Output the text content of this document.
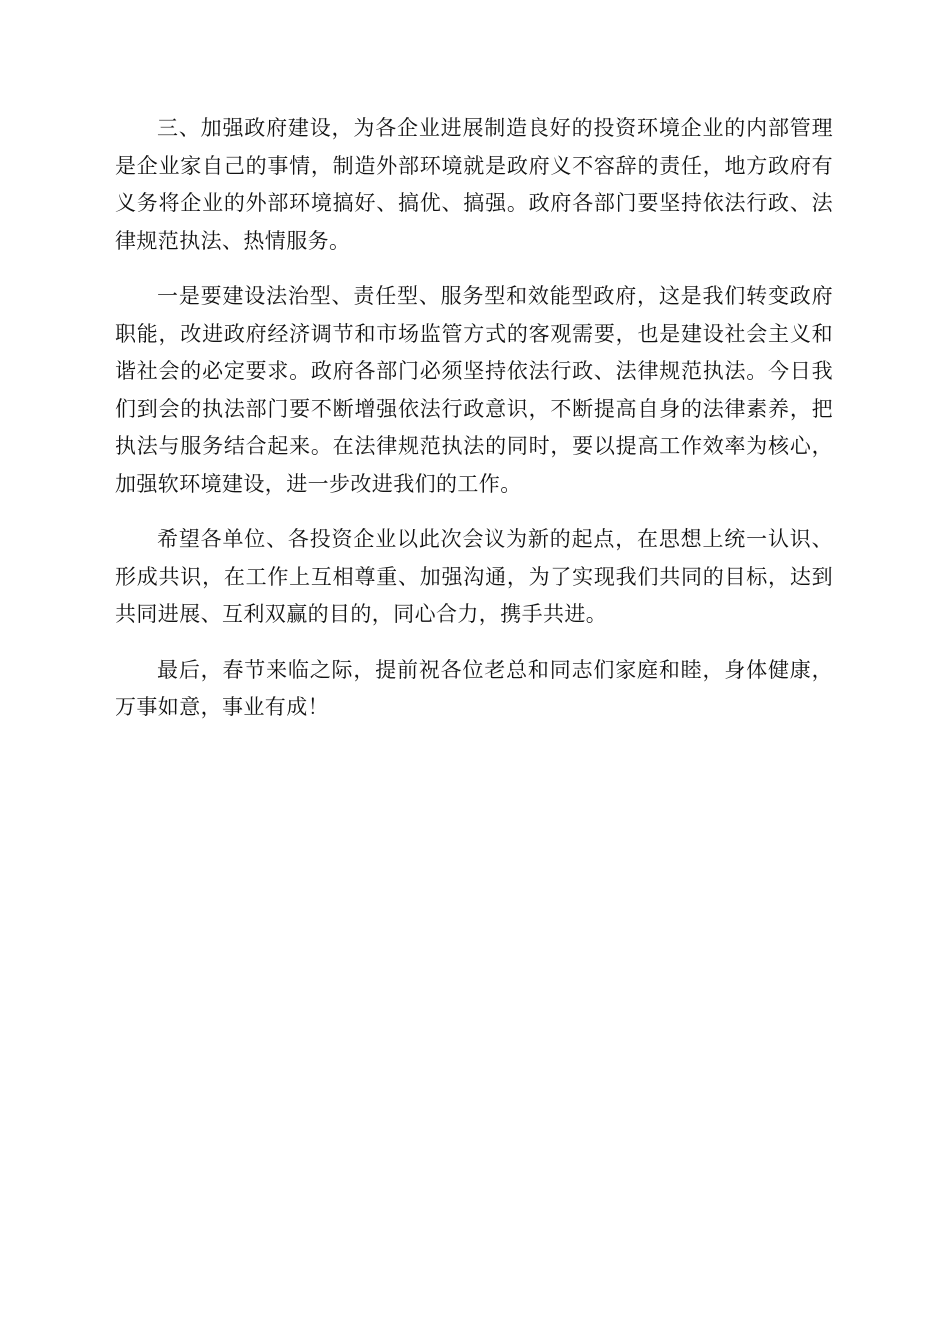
三、加强政府建设，为各企业进展制造良好的投资环境企业的内部管理是企业家自己的事情，制造外部环境就是政府义不容辞的责任，地方政府有义务将企业的外部环境搞好、搞优、搞强。政府各部门要坚持依法行政、法律规范执法、热情服务。

一是要建设法治型、责任型、服务型和效能型政府，这是我们转变政府职能，改进政府经济调节和市场监管方式的客观需要，也是建设社会主义和谐社会的必定要求。政府各部门必须坚持依法行政、法律规范执法。今日我们到会的执法部门要不断增强依法行政意识，不断提高自身的法律素养，把执法与服务结合起来。在法律规范执法的同时，要以提高工作效率为核心，加强软环境建设，进一步改进我们的工作。

希望各单位、各投资企业以此次会议为新的起点，在思想上统一认识、形成共识，在工作上互相尊重、加强沟通，为了实现我们共同的目标，达到共同进展、互利双赢的目的，同心合力，携手共进。

最后，春节来临之际，提前祝各位老总和同志们家庭和睦，身体健康，万事如意，事业有成！
